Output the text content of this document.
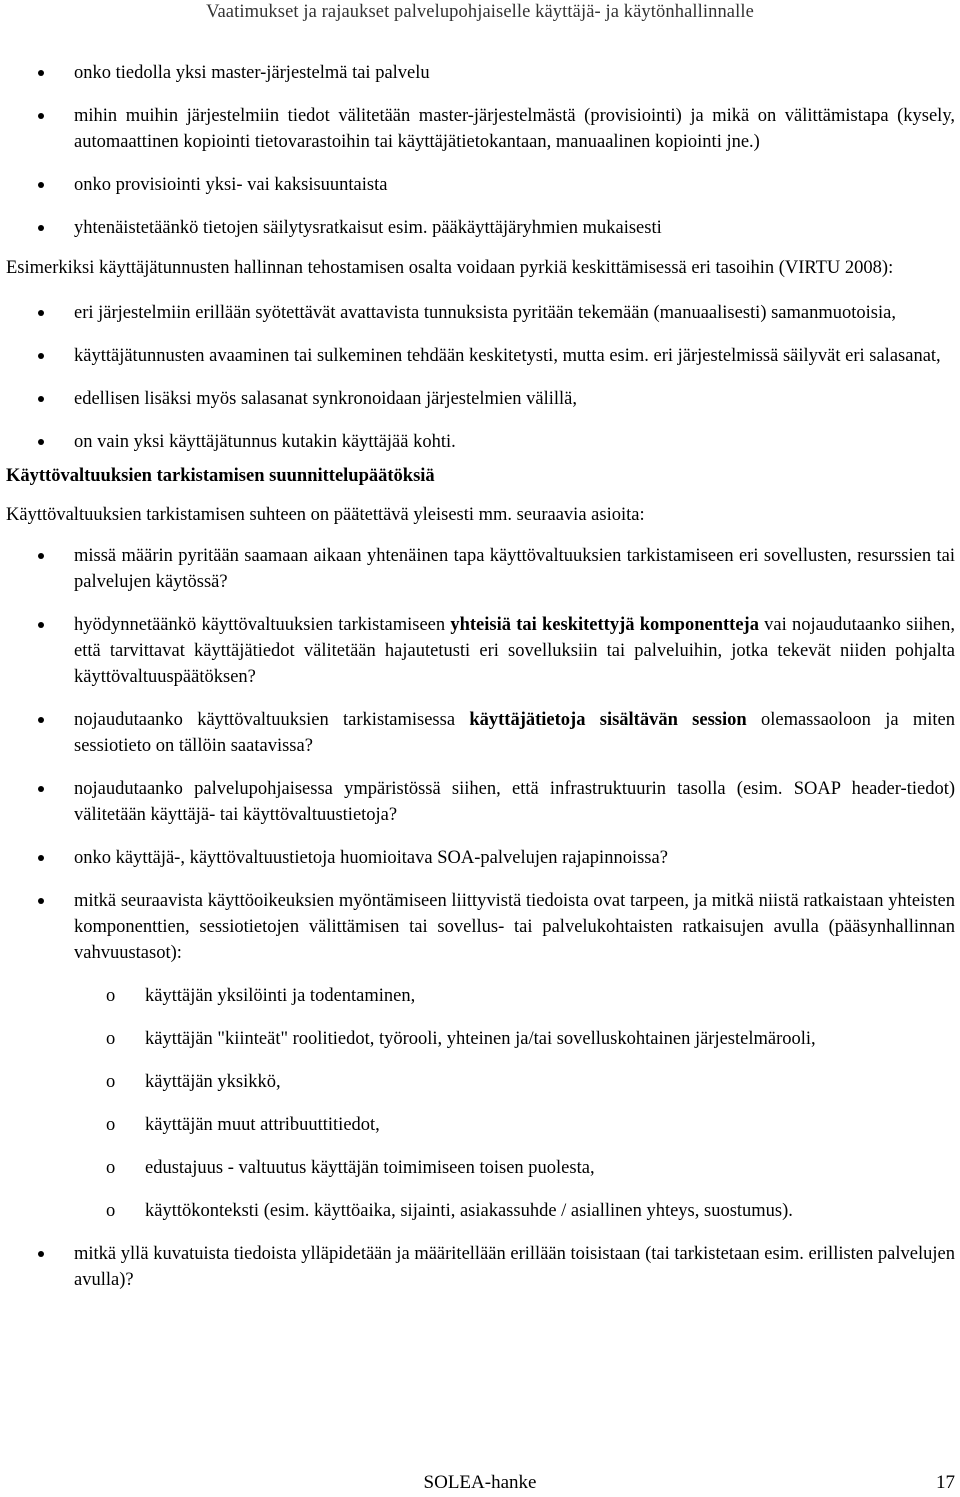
Vaatimukset ja rajaukset palvelupohjaiselle käyttäjä- ja käytönhallinnalle
onko tiedolla yksi master-järjestelmä tai palvelu
mihin muihin järjestelmiin tiedot välitetään master-järjestelmästä (provisiointi) ja mikä on välittämistapa (kysely, automaattinen kopiointi tietovarastoihin tai käyttäjätietokantaan, manuaalinen kopiointi jne.)
onko provisiointi yksi- vai kaksisuuntaista
yhtenäistetäänkö tietojen säilytysratkaisut esim. pääkäyttäjäryhmien mukaisesti
Esimerkiksi käyttäjätunnusten hallinnan tehostamisen osalta voidaan pyrkiä keskittämisessä eri tasoihin (VIRTU 2008):
eri järjestelmiin erillään syötettävät avattavista tunnuksista pyritään tekemään (manuaalisesti) samanmuotoisia,
käyttäjätunnusten avaaminen tai sulkeminen tehdään keskitetysti, mutta esim. eri järjestelmissä säilyvät eri salasanat,
edellisen lisäksi myös salasanat synkronoidaan järjestelmien välillä,
on vain yksi käyttäjätunnus kutakin käyttäjää kohti.
Käyttövaltuuksien tarkistamisen suunnittelupäätöksiä
Käyttövaltuuksien tarkistamisen suhteen on päätettävä yleisesti mm. seuraavia asioita:
missä määrin pyritään saamaan aikaan yhtenäinen tapa käyttövaltuuksien tarkistamiseen eri sovellusten, resurssien tai palvelujen käytössä?
hyödynnetäänkö käyttövaltuuksien tarkistamiseen yhteisiä tai keskitettyjä komponentteja vai nojaudutaanko siihen, että tarvittavat käyttäjätiedot välitetään hajautetusti eri sovelluksiin tai palveluihin, jotka tekevät niiden pohjalta käyttövaltuuspäätöksen?
nojaudutaanko käyttövaltuuksien tarkistamisessa käyttäjätietoja sisältävän session olemassaoloon ja miten sessiotieto on tällöin saatavissa?
nojaudutaanko palvelupohjaisessa ympäristössä siihen, että infrastruktuurin tasolla (esim. SOAP header-tiedot) välitetään käyttäjä- tai käyttövaltuustietoja?
onko käyttäjä-, käyttövaltuustietoja huomioitava SOA-palvelujen rajapinnoissa?
mitkä seuraavista käyttöoikeuksien myöntämiseen liittyvistä tiedoista ovat tarpeen, ja mitkä niistä ratkaistaan yhteisten komponenttien, sessiotietojen välittämisen tai sovellus- tai palvelukohtaisten ratkaisujen avulla (pääsynhallinnan vahvuustasot):
o käyttäjän yksilöinti ja todentaminen,
o käyttäjän "kiinteät" roolitiedot, työrooli, yhteinen ja/tai sovelluskohtainen järjestelmärooli,
o käyttäjän yksikkö,
o käyttäjän muut attribuuttitiedot,
o edustajuus - valtuutus käyttäjän toimimiseen toisen puolesta,
o käyttökonteksti (esim. käyttöaika, sijainti, asiakassuhde / asiallinen yhteys, suostumus).
mitkä yllä kuvatuista tiedoista ylläpidetään ja määritellään erillään toisistaan (tai tarkistetaan esim. erillisten palvelujen avulla)?
SOLEA-hanke	17
